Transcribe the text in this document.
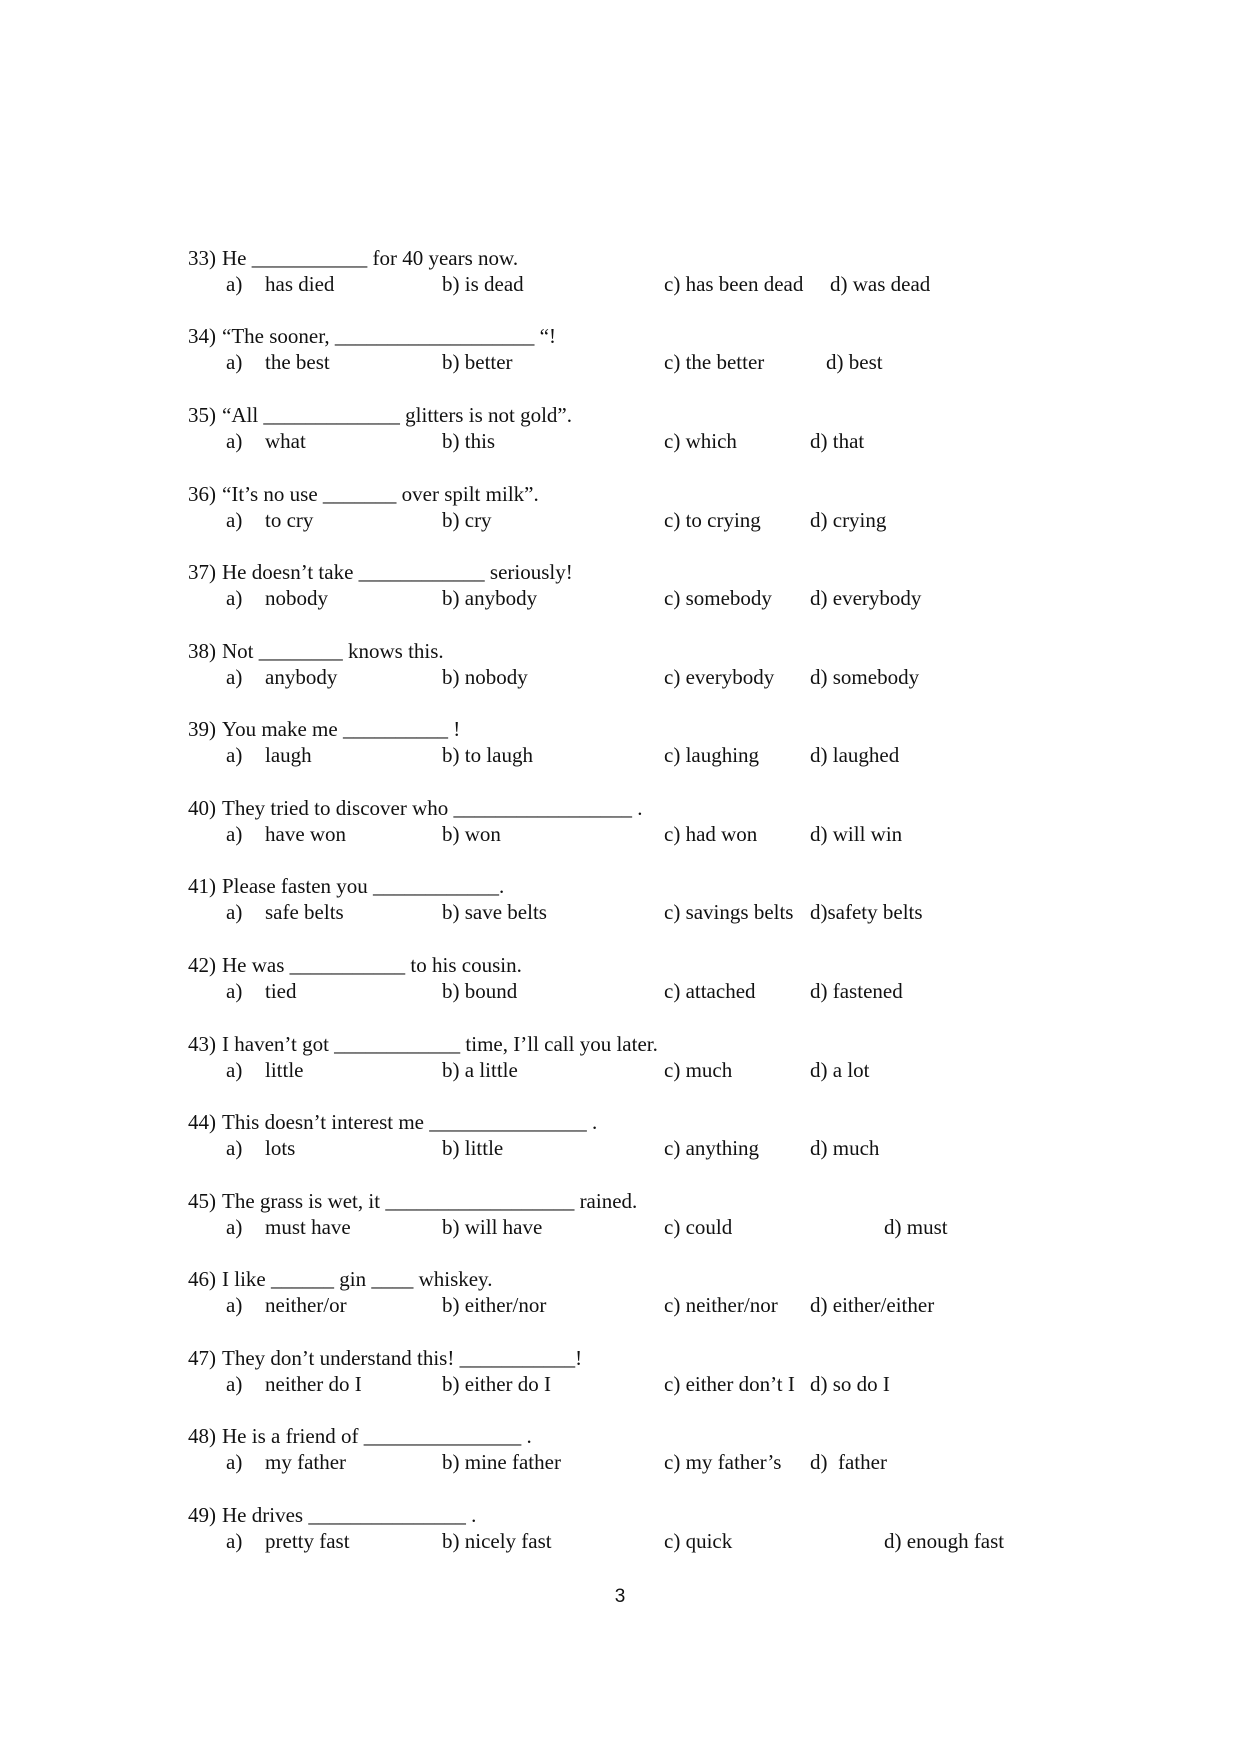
33) He ___________ for 40 years now.
a) has died	b) is dead	c) has been dead d) was dead
34) “The sooner, ___________________ “!
a) the best	b) better	c) the better	d) best
35) “All _____________ glitters is not gold”.
a) what	b) this	c) which	d) that
36) “It’s no use _______ over spilt milk”.
a) to cry	b) cry	c) to crying d) crying
37) He doesn’t take ____________ seriously!
a) nobody	b) anybody	c) somebody d) everybody
38) Not ________ knows this.
a) anybody	b) nobody	c) everybody d) somebody
39) You make me __________ !
a) laugh	b) to laugh	c) laughing d) laughed
40) They tried to discover who _________________ .
a) have won	b) won	c) had won	d) will win
41) Please fasten you ____________.
a) safe belts	b) save belts	c) savings belts d)safety belts
42) He was ___________ to his cousin.
a) tied	b) bound	c) attached	d) fastened
43) I haven’t got ____________ time, I’ll call you later.
a) little	b) a little	c) much	d) a lot
44) This doesn’t interest me _______________ .
a) lots	b) little	c) anything d) much
45) The grass is wet, it __________________ rained.
a) must have	b) will have	c) could	d) must
46) I like ______ gin ____ whiskey.
a) neither/or	b) either/nor	c) neither/nor d) either/either
47) They don’t understand this! ___________!
a) neither do I	b) either do I	c) either don’t I d) so do I
48) He is a friend of _______________ .
a) my father	b) mine father	c) my father’s d)  father
49) He drives _______________ .
a) pretty fast	b) nicely fast	c) quick	d) enough fast
3
